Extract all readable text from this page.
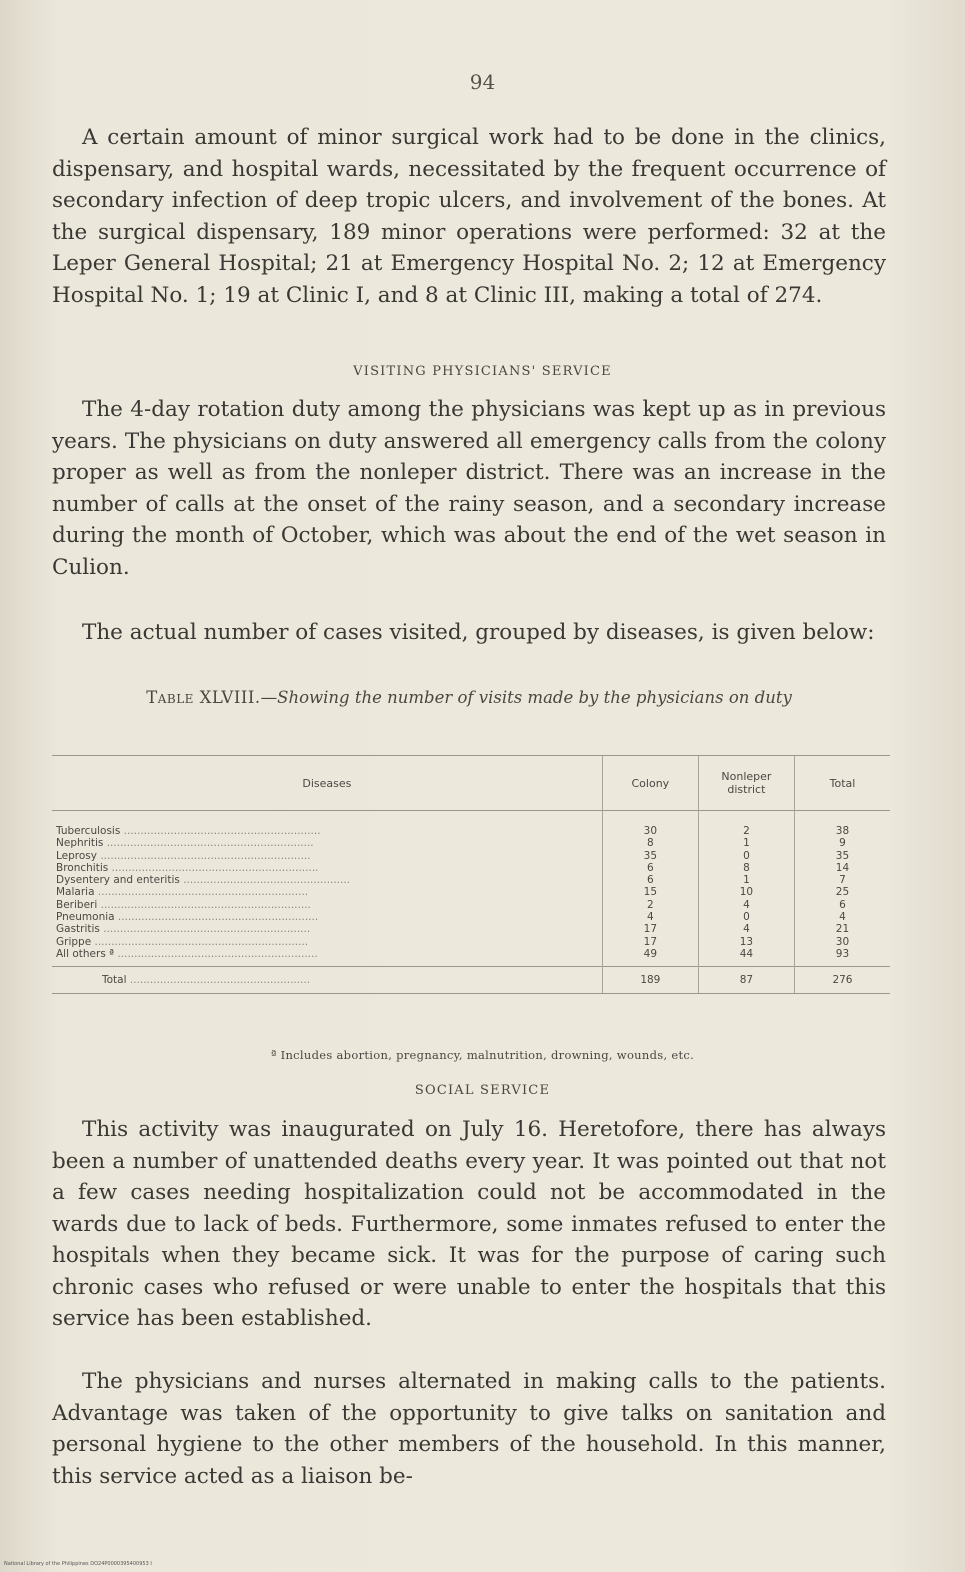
94

A certain amount of minor surgical work had to be done in the clinics, dispensary, and hospital wards, necessitated by the frequent occurrence of secondary infection of deep tropic ulcers, and involvement of the bones. At the surgical dispensary, 189 minor operations were performed: 32 at the Leper General Hospital; 21 at Emergency Hospital No. 2; 12 at Emergency Hospital No. 1; 19 at Clinic I, and 8 at Clinic III, making a total of 274.

VISITING PHYSICIANS' SERVICE

The 4-day rotation duty among the physicians was kept up as in previous years. The physicians on duty answered all emergency calls from the colony proper as well as from the nonleper district. There was an increase in the number of calls at the onset of the rainy season, and a secondary increase during the month of October, which was about the end of the wet season in Culion.

The actual number of cases visited, grouped by diseases, is given below:

Table XLVIII.—Showing the number of visits made by the physicians on duty
Diseases	Colony	Nonleper district	Total
Tuberculosis ...........................................................	30	2	38
Nephritis ..............................................................	8	1	9
Leprosy ...............................................................	35	0	35
Bronchitis ..............................................................	6	8	14
Dysentery and enteritis ..................................................	6	1	7
Malaria ...............................................................	15	10	25
Beriberi ...............................................................	2	4	6
Pneumonia ............................................................	4	0	4
Gastritis ..............................................................	17	4	21
Grippe ................................................................	17	13	30
All others ª ............................................................	49	44	93
Total ......................................................	189	87	276
ª Includes abortion, pregnancy, malnutrition, drowning, wounds, etc.
SOCIAL SERVICE

This activity was inaugurated on July 16. Heretofore, there has always been a number of unattended deaths every year. It was pointed out that not a few cases needing hospitalization could not be accommodated in the wards due to lack of beds. Furthermore, some inmates refused to enter the hospitals when they became sick. It was for the purpose of caring such chronic cases who refused or were unable to enter the hospitals that this service has been established.

The physicians and nurses alternated in making calls to the patients. Advantage was taken of the opportunity to give talks on sanitation and personal hygiene to the other members of the household. In this manner, this service acted as a liaison be-

National Library of the Philippines DO24P0000395400953 I
